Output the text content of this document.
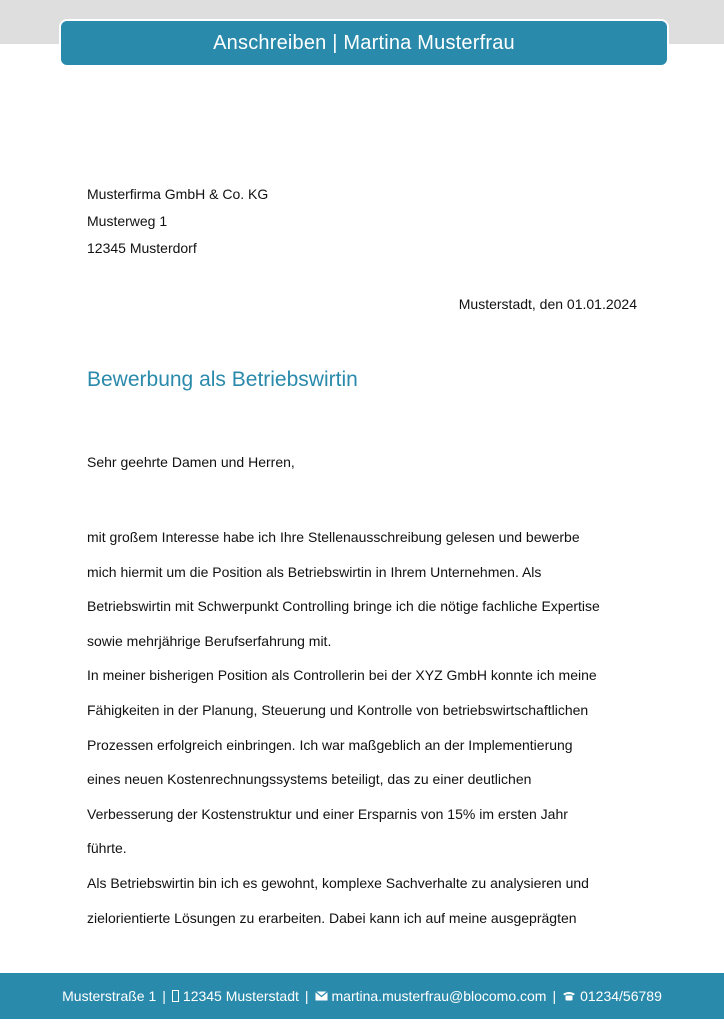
Anschreiben | Martina Musterfrau
Musterfirma GmbH & Co. KG
Musterweg 1
12345 Musterdorf
Musterstadt, den 01.01.2024
Bewerbung als Betriebswirtin
Sehr geehrte Damen und Herren,
mit großem Interesse habe ich Ihre Stellenausschreibung gelesen und bewerbe
mich hiermit um die Position als Betriebswirtin in Ihrem Unternehmen. Als
Betriebswirtin mit Schwerpunkt Controlling bringe ich die nötige fachliche Expertise
sowie mehrjährige Berufserfahrung mit.
In meiner bisherigen Position als Controllerin bei der XYZ GmbH konnte ich meine
Fähigkeiten in der Planung, Steuerung und Kontrolle von betriebswirtschaftlichen
Prozessen erfolgreich einbringen. Ich war maßgeblich an der Implementierung
eines neuen Kostenrechnungssystems beteiligt, das zu einer deutlichen
Verbesserung der Kostenstruktur und einer Ersparnis von 15% im ersten Jahr
führte.
Als Betriebswirtin bin ich es gewohnt, komplexe Sachverhalte zu analysieren und
zielorientierte Lösungen zu erarbeiten. Dabei kann ich auf meine ausgeprägten
Musterstraße 1 | 12345 Musterstadt | martina.musterfrau@blocomo.com | 01234/56789
